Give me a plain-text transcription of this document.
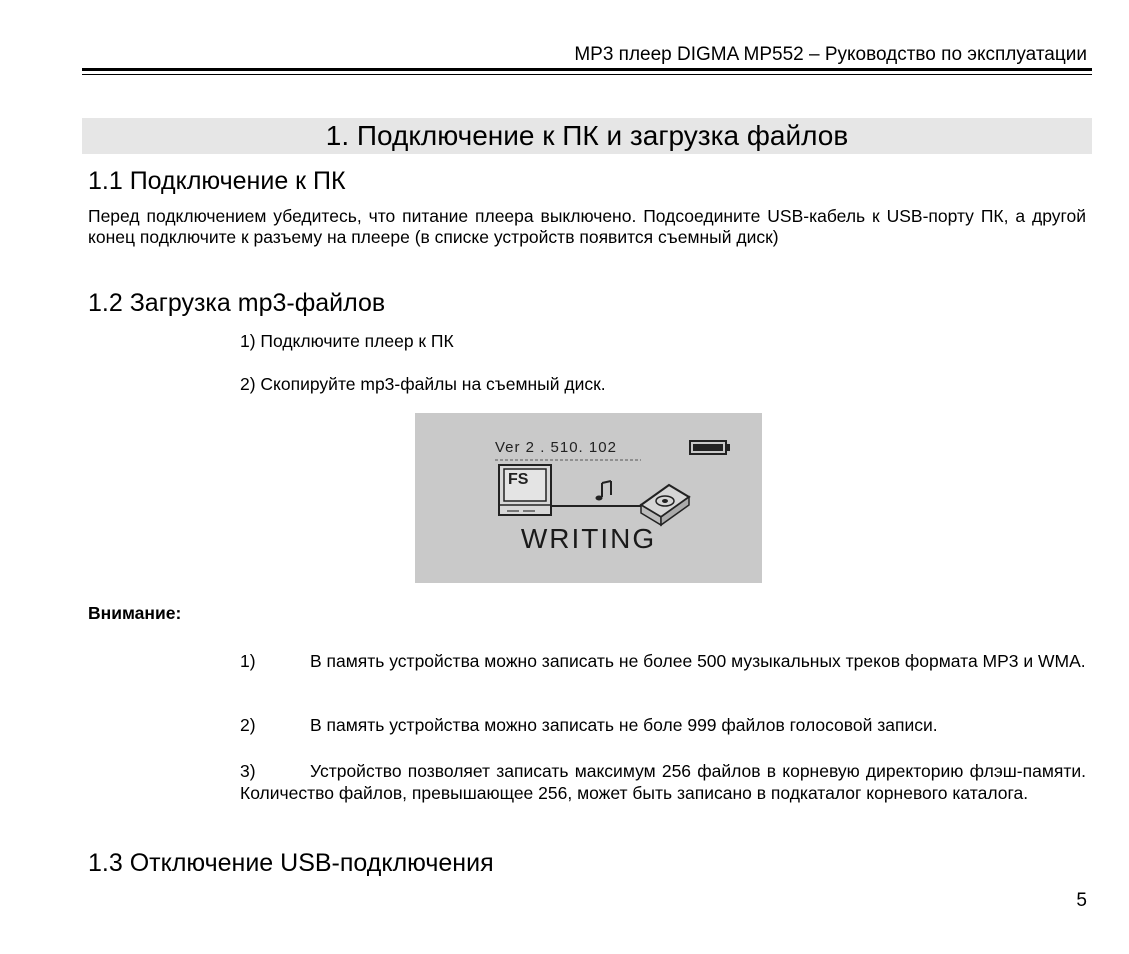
MP3 плеер DIGMA MP552 – Руководство по эксплуатации
1. Подключение к ПК и загрузка файлов
1.1 Подключение к ПК
Перед подключением убедитесь, что питание плеера выключено. Подсоедините USB-кабель к USB-порту ПК, а другой конец подключите к разъему на плеере (в списке устройств появится съемный диск)
1.2 Загрузка mp3-файлов
1) Подключите плеер к ПК
2) Скопируйте mp3-файлы на съемный диск.
Ver 2 . 510. 102
FS
WRITING
Внимание:
1)	В память устройства можно записать не более 500 музыкальных треков формата MP3 и WMA.
2)	В память устройства можно записать не боле 999 файлов голосовой записи.
3)	Устройство позволяет записать максимум 256 файлов в корневую директорию флэш-памяти. Количество файлов, превышающее 256, может быть записано в подкаталог корневого каталога.
1.3 Отключение USB-подключения
5
